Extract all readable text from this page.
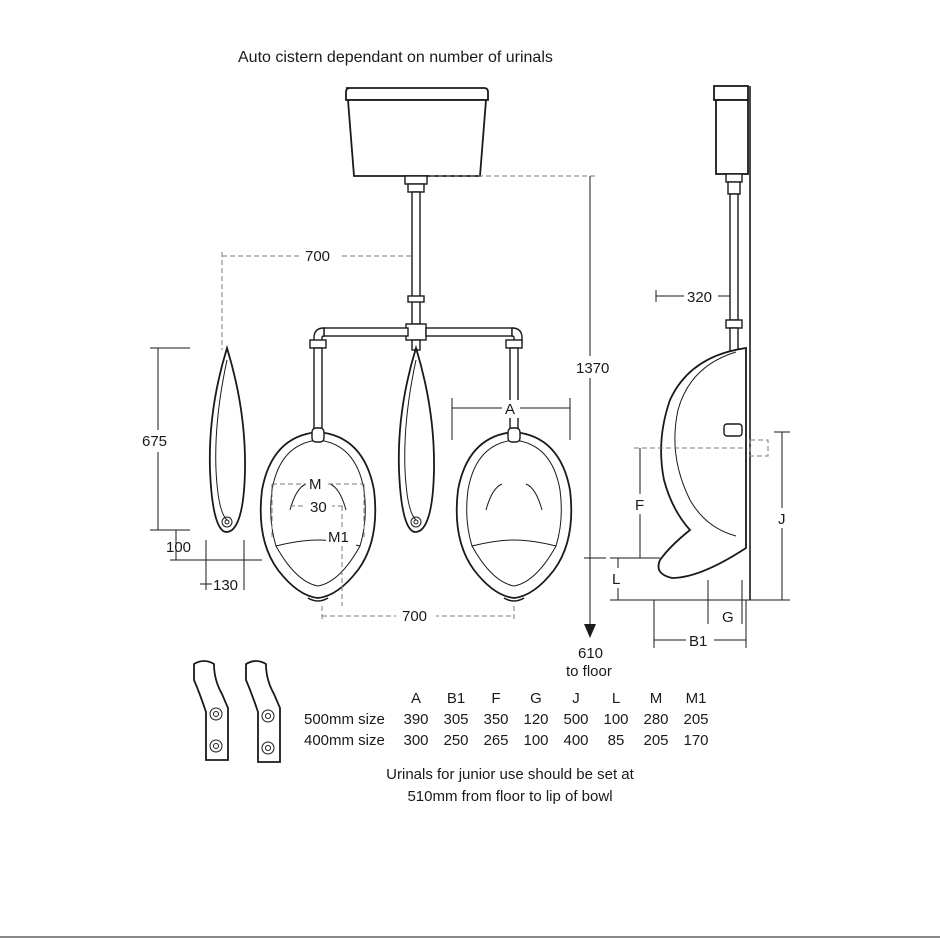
Auto cistern dependant on number of urinals
700
675
100
130
M
30
M1
700
A
1370
610
to floor
320
F
J
L
G
B1
	A	B1	F	G	J	L	M	M1
500mm size	390	305	350	120	500	100	280	205
400mm size	300	250	265	100	400	85	205	170
Urinals for junior use should be set at
510mm from floor to lip of bowl
